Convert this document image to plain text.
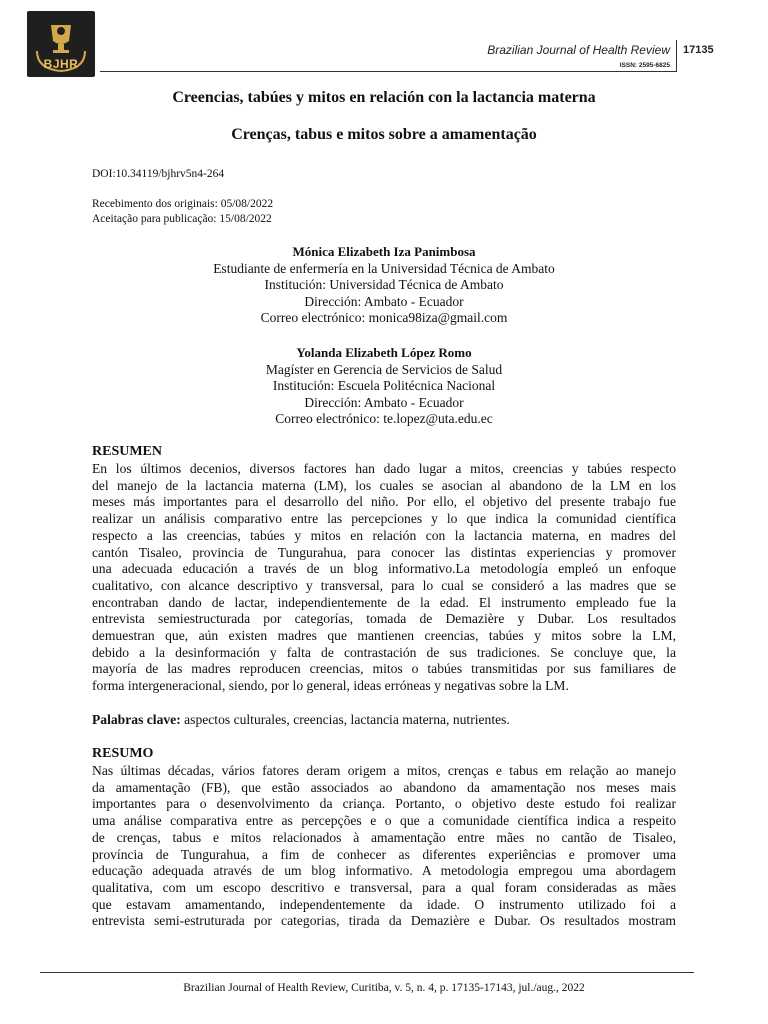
BJHR
Brazilian Journal of Health Review
ISSN: 2595-6825
17135
Creencias, tabúes y mitos en relación con la lactancia materna
Crenças, tabus e mitos sobre a amamentação
DOI:10.34119/bjhrv5n4-264
Recebimento dos originais: 05/08/2022
Aceitação para publicação: 15/08/2022
Mónica Elizabeth Iza Panimbosa
Estudiante de enfermería en la Universidad Técnica de Ambato
Institución: Universidad Técnica de Ambato
Dirección: Ambato - Ecuador
Correo electrónico: monica98iza@gmail.com
Yolanda Elizabeth López Romo
Magíster en Gerencia de Servicios de Salud
Institución: Escuela Politécnica Nacional
Dirección: Ambato - Ecuador
Correo electrónico: te.lopez@uta.edu.ec
RESUMEN
En los últimos decenios, diversos factores han dado lugar a mitos, creencias y tabúes respecto
del manejo de la lactancia materna (LM), los cuales se asocian al abandono de la LM en los
meses más importantes para el desarrollo del niño. Por ello, el objetivo del presente trabajo fue
realizar un análisis comparativo entre las percepciones y lo que indica la comunidad científica
respecto a las creencias, tabúes y mitos en relación con la lactancia materna, en madres del
cantón Tisaleo, provincia de Tungurahua, para conocer las distintas experiencias y promover
una adecuada educación a través de un blog informativo.La metodología empleó un enfoque
cualitativo, con alcance descriptivo y transversal, para lo cual se consideró a las madres que se
encontraban dando de lactar, independientemente de la edad. El instrumento empleado fue la
entrevista semiestructurada por categorías, tomada de Demazière y Dubar. Los resultados
demuestran que, aún existen madres que mantienen creencias, tabúes y mitos sobre la LM,
debido a la desinformación y falta de contrastación de sus tradiciones. Se concluye que, la
mayoría de las madres reproducen creencias, mitos o tabúes transmitidas por sus familiares de
forma intergeneracional, siendo, por lo general, ideas erróneas y negativas sobre la LM.
Palabras clave: aspectos culturales, creencias, lactancia materna, nutrientes.
RESUMO
Nas últimas décadas, vários fatores deram origem a mitos, crenças e tabus em relação ao manejo
da amamentação (FB), que estão associados ao abandono da amamentação nos meses mais
importantes para o desenvolvimento da criança. Portanto, o objetivo deste estudo foi realizar
uma análise comparativa entre as percepções e o que a comunidade científica indica a respeito
de crenças, tabus e mitos relacionados à amamentação entre mães no cantão de Tisaleo,
província de Tungurahua, a fim de conhecer as diferentes experiências e promover uma
educação adequada através de um blog informativo. A metodologia empregou uma abordagem
qualitativa, com um escopo descritivo e transversal, para a qual foram consideradas as mães
que estavam amamentando, independentemente da idade. O instrumento utilizado foi a
entrevista semi-estruturada por categorias, tirada da Demazière e Dubar. Os resultados mostram
Brazilian Journal of Health Review, Curitiba, v. 5, n. 4, p. 17135-17143, jul./aug., 2022
